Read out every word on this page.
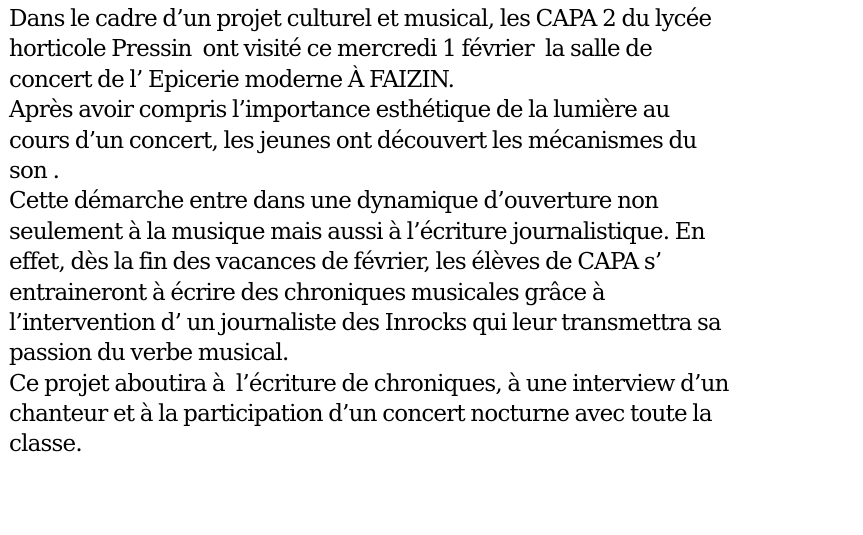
Dans le cadre d’un projet culturel et musical, les CAPA 2 du lycée
horticole Pressin  ont visité ce mercredi 1 février  la salle de
concert de l’ Epicerie moderne À FAIZIN.
Après avoir compris l’importance esthétique de la lumière au
cours d’un concert, les jeunes ont découvert les mécanismes du
son .
Cette démarche entre dans une dynamique d’ouverture non
seulement à la musique mais aussi à l’écriture journalistique. En
effet, dès la fin des vacances de février, les élèves de CAPA s’
entraineront à écrire des chroniques musicales grâce à
l’intervention d’ un journaliste des Inrocks qui leur transmettra sa
passion du verbe musical.
Ce projet aboutira à  l’écriture de chroniques, à une interview d’un
chanteur et à la participation d’un concert nocturne avec toute la
classe.
